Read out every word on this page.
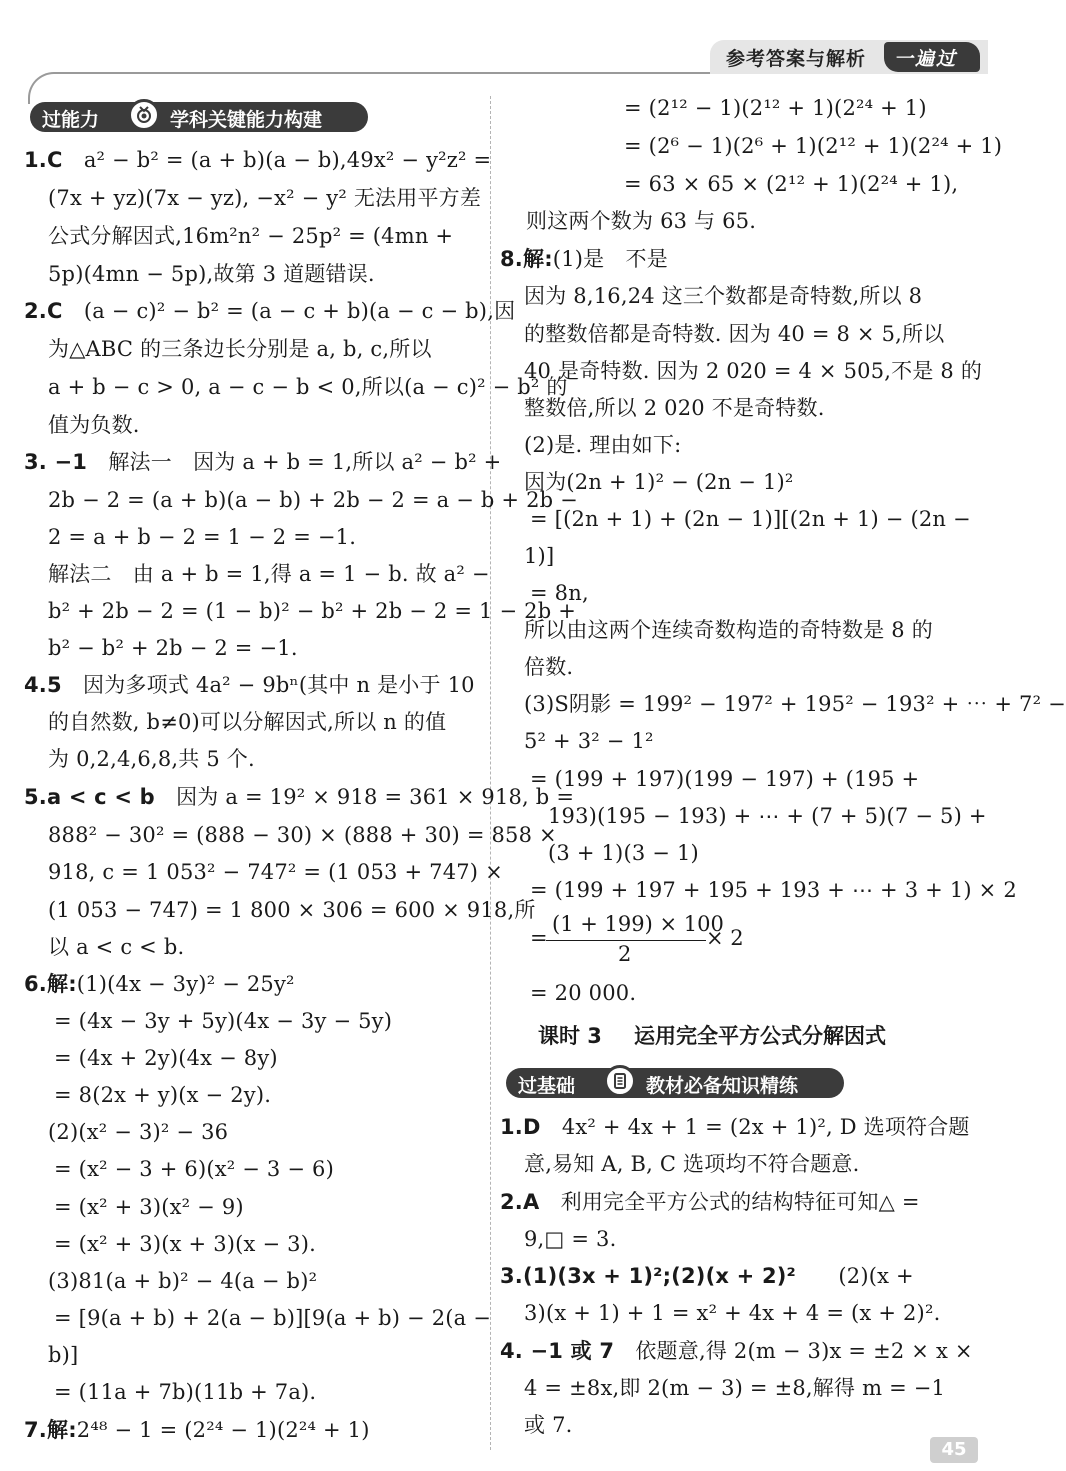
参考答案与解析 一遍过
过能力	学科关键能力构建
1.C　 a² − b² = (a + b)(a − b),49x² − y²z² =
(7x + yz)(7x − yz), −x² − y² 无法用平方差
公式分解因式,16m²n² − 25p² = (4mn +
5p)(4mn − 5p),故第 3 道题错误.
2.C　 (a − c)² − b² = (a − c + b)(a − c − b),因
为△ABC 的三条边长分别是 a, b, c,所以
a + b − c > 0, a − c − b < 0,所以(a − c)² − b² 的
值为负数.
3. −1　 解法一　因为 a + b = 1,所以 a² − b² +
2b − 2 = (a + b)(a − b) + 2b − 2 = a − b + 2b −
2 = a + b − 2 = 1 − 2 = −1.
解法二　由 a + b = 1,得 a = 1 − b. 故 a² −
b² + 2b − 2 = (1 − b)² − b² + 2b − 2 = 1 − 2b +
b² − b² + 2b − 2 = −1.
4.5　 因为多项式 4a² − 9bⁿ(其中 n 是小于 10
的自然数, b≠0)可以分解因式,所以 n 的值
为 0,2,4,6,8,共 5 个.
5.a < c < b　 因为 a = 19² × 918 = 361 × 918, b =
888² − 30² = (888 − 30) × (888 + 30) = 858 ×
918, c = 1 053² − 747² = (1 053 + 747) ×
(1 053 − 747) = 1 800 × 306 = 600 × 918,所
以 a < c < b.
6.解:(1)(4x − 3y)² − 25y²
= (4x − 3y + 5y)(4x − 3y − 5y)
= (4x + 2y)(4x − 8y)
= 8(2x + y)(x − 2y).
(2)(x² − 3)² − 36
= (x² − 3 + 6)(x² − 3 − 6)
= (x² + 3)(x² − 9)
= (x² + 3)(x + 3)(x − 3).
(3)81(a + b)² − 4(a − b)²
= [9(a + b) + 2(a − b)][9(a + b) − 2(a −
b)]
= (11a + 7b)(11b + 7a).
7.解:2⁴⁸ − 1 = (2²⁴ − 1)(2²⁴ + 1)
= (2¹² − 1)(2¹² + 1)(2²⁴ + 1)
= (2⁶ − 1)(2⁶ + 1)(2¹² + 1)(2²⁴ + 1)
= 63 × 65 × (2¹² + 1)(2²⁴ + 1),
则这两个数为 63 与 65.
8.解:(1)是　不是
因为 8,16,24 这三个数都是奇特数,所以 8
的整数倍都是奇特数. 因为 40 = 8 × 5,所以
40 是奇特数. 因为 2 020 = 4 × 505,不是 8 的
整数倍,所以 2 020 不是奇特数.
(2)是. 理由如下:
因为(2n + 1)² − (2n − 1)²
= [(2n + 1) + (2n − 1)][(2n + 1) − (2n −
1)]
= 8n,
所以由这两个连续奇数构造的奇特数是 8 的
倍数.
(3)S阴影 = 199² − 197² + 195² − 193² + ⋯ + 7² −
5² + 3² − 1²
= (199 + 197)(199 − 197) + (195 +
193)(195 − 193) + ⋯ + (7 + 5)(7 − 5) +
(3 + 1)(3 − 1)
= (199 + 197 + 195 + 193 + ⋯ + 3 + 1) × 2
=
(1 + 199) × 100
2
× 2
= 20 000.
课时 3 运用完全平方公式分解因式
过基础	教材必备知识精练
1.D　 4x² + 4x + 1 = (2x + 1)², D 选项符合题
意,易知 A, B, C 选项均不符合题意.
2.A　 利用完全平方公式的结构特征可知△ =
9,□ = 3.
3.(1)(3x + 1)²;(2)(x + 2)²　　 (2)(x +
3)(x + 1) + 1 = x² + 4x + 4 = (x + 2)².
4. −1 或 7　 依题意,得 2(m − 3)x = ±2 × x ×
4 = ±8x,即 2(m − 3) = ±8,解得 m = −1
或 7.
45
